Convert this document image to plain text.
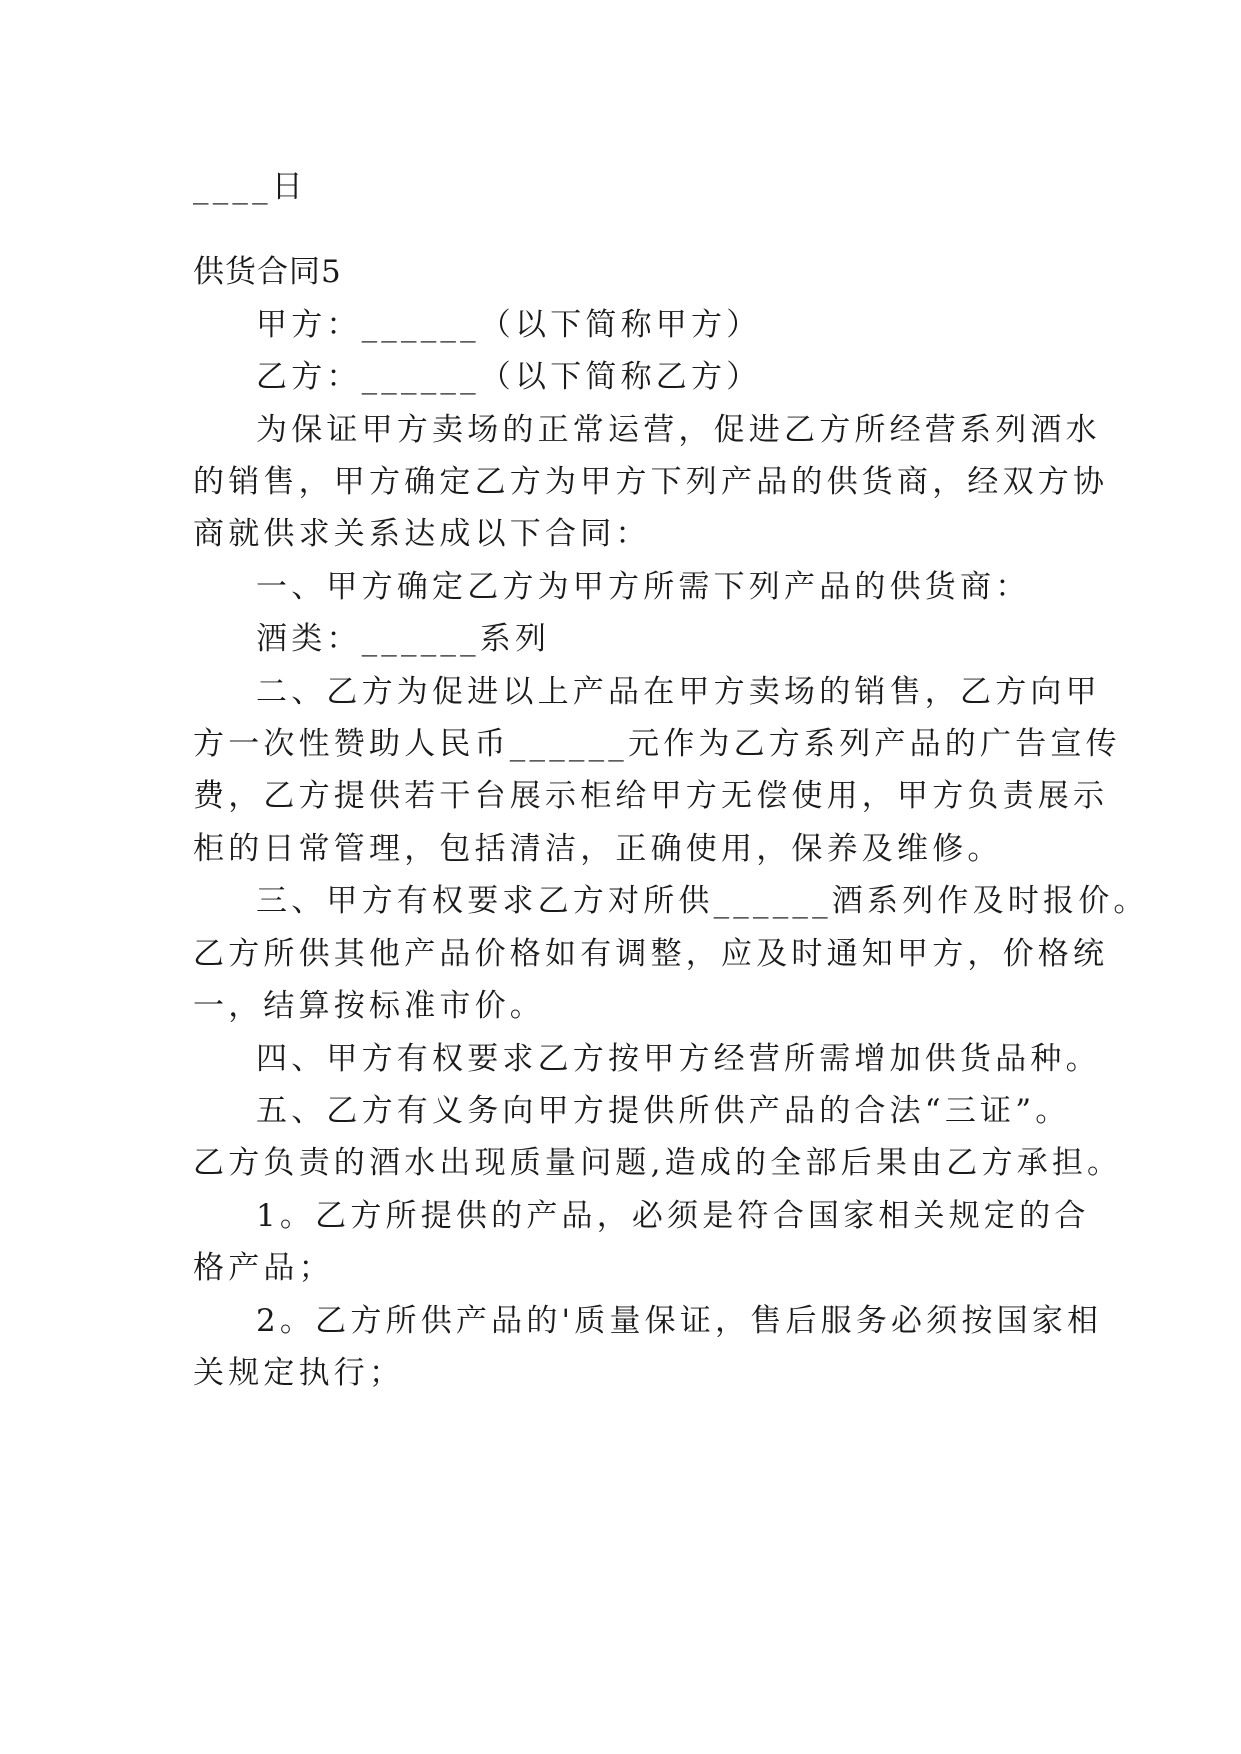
____日
供货合同5
甲方：______（以下简称甲方）
乙方：______（以下简称乙方）
为保证甲方卖场的正常运营，促进乙方所经营系列酒水
的销售，甲方确定乙方为甲方下列产品的供货商，经双方协
商就供求关系达成以下合同：
一、甲方确定乙方为甲方所需下列产品的供货商：
酒类：______系列
二、乙方为促进以上产品在甲方卖场的销售，乙方向甲
方一次性赞助人民币______元作为乙方系列产品的广告宣传
费，乙方提供若干台展示柜给甲方无偿使用，甲方负责展示
柜的日常管理，包括清洁，正确使用，保养及维修。
三、甲方有权要求乙方对所供______酒系列作及时报价。
乙方所供其他产品价格如有调整，应及时通知甲方，价格统
一，结算按标准市价。
四、甲方有权要求乙方按甲方经营所需增加供货品种。
五、乙方有义务向甲方提供所供产品的合法“三证”。
乙方负责的酒水出现质量问题,造成的全部后果由乙方承担。
1。乙方所提供的产品，必须是符合国家相关规定的合
格产品；
2。乙方所供产品的'质量保证，售后服务必须按国家相
关规定执行；
